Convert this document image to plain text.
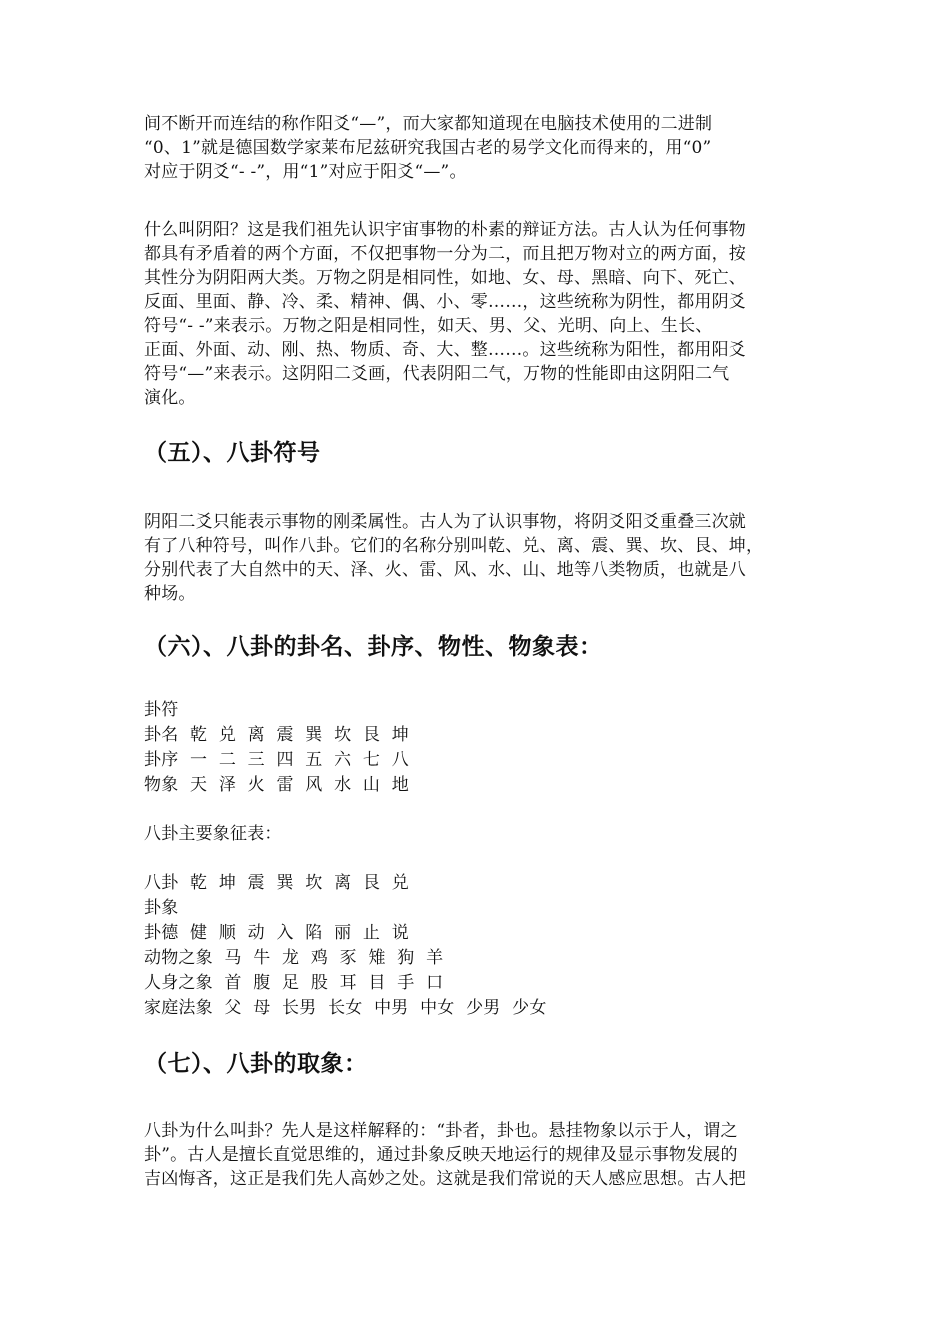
间不断开而连结的称作阳爻“—”，而大家都知道现在电脑技术使用的二进制
“0、1”就是德国数学家莱布尼兹研究我国古老的易学文化而得来的，用“0”
对应于阴爻“- -”，用“1”对应于阳爻“—”。

什么叫阴阳？这是我们祖先认识宇宙事物的朴素的辩证方法。古人认为任何事物
都具有矛盾着的两个方面，不仅把事物一分为二，而且把万物对立的两方面，按
其性分为阴阳两大类。万物之阴是相同性，如地、女、母、黑暗、向下、死亡、
反面、里面、静、冷、柔、精神、偶、小、零……，这些统称为阴性，都用阴爻
符号“- -”来表示。万物之阳是相同性，如天、男、父、光明、向上、生长、
正面、外面、动、刚、热、物质、奇、大、整……。这些统称为阳性，都用阳爻
符号“—”来表示。这阴阳二爻画，代表阴阳二气，万物的性能即由这阴阳二气
演化。

（五）、八卦符号

阴阳二爻只能表示事物的刚柔属性。古人为了认识事物，将阴爻阳爻重叠三次就
有了八种符号，叫作八卦。它们的名称分别叫乾、兑、离、震、巽、坎、艮、坤，
分别代表了大自然中的天、泽、火、雷、风、水、山、地等八类物质，也就是八
种场。

（六）、八卦的卦名、卦序、物性、物象表：
卦符
卦名 乾 兑 离 震 巽 坎 艮 坤
卦序 一 二 三 四 五 六 七 八
物象 天 泽 火 雷 风 水 山 地
八卦主要象征表：
八卦 乾 坤 震 巽 坎 离 艮 兑
卦象
卦德 健 顺 动 入 陷 丽 止 说
动物之象 马 牛 龙 鸡 豕 雉 狗 羊
人身之象 首 腹 足 股 耳 目 手 口
家庭法象 父 母 长男 长女 中男 中女 少男 少女
（七）、八卦的取象：

八卦为什么叫卦？先人是这样解释的：“卦者，卦也。悬挂物象以示于人，谓之
卦”。古人是擅长直觉思维的，通过卦象反映天地运行的规律及显示事物发展的
吉凶悔吝，这正是我们先人高妙之处。这就是我们常说的天人感应思想。古人把
